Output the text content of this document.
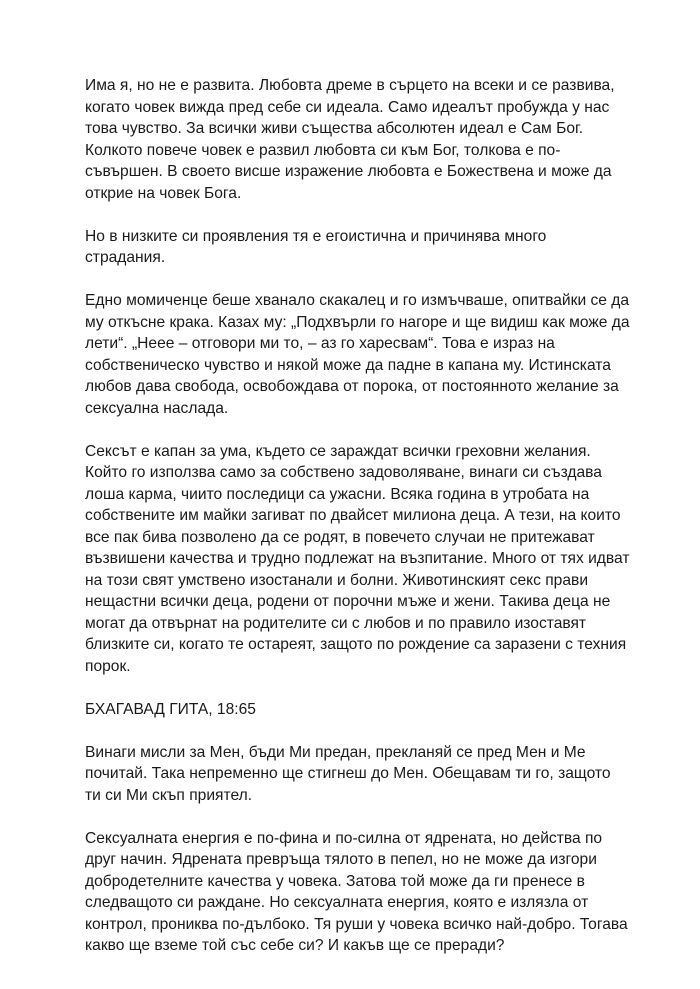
Има я, но не е развита. Любовта дреме в сърцето на всеки и се развива, когато човек вижда пред себе си идеала. Само идеалът пробужда у нас това чувство. За всички живи същества абсолютен идеал е Сам Бог. Колкото повече човек е развил любовта си към Бог, толкова е по-съвършен. В своето висше изражение любовта е Божествена и може да открие на човек Бога.

Но в низките си проявления тя е егоистична и причинява много страдания.

Едно момиченце беше хванало скакалец и го измъчваше, опитвайки се да му откъсне крака. Казах му: „Подхвърли го нагоре и ще видиш как може да лети“. „Неее – отговори ми то, – аз го харесвам“. Това е израз на собственическо чувство и някой може да падне в капана му. Истинската любов дава свобода, освобождава от порока, от постоянното желание за сексуална наслада.

Сексът е капан за ума, където се зараждат всички греховни желания. Който го използва само за собствено задоволяване, винаги си създава лоша карма, чиито последици са ужасни. Всяка година в утробата на собствените им майки загиват по двайсет милиона деца. А тези, на които все пак бива позволено да се родят, в повечето случаи не притежават възвишени качества и трудно подлежат на възпитание. Много от тях идват на този свят умствено изостанали и болни. Животинският секс прави нещастни всички деца, родени от порочни мъже и жени. Такива деца не могат да отвърнат на родителите си с любов и по правило изоставят близките си, когато те остареят, защото по рождение са заразени с техния порок.

БХАГАВАД ГИТА, 18:65

Винаги мисли за Мен, бъди Ми предан, прекланяй се пред Мен и Ме почитай. Така непременно ще стигнеш до Мен. Обещавам ти го, защото ти си Ми скъп приятел.

Сексуалната енергия е по-фина и по-силна от ядрената, но действа по друг начин. Ядрената превръща тялото в пепел, но не може да изгори добродетелните качества у човека. Затова той може да ги пренесе в следващото си раждане. Но сексуалната енергия, която е излязла от контрол, прониква по-дълбоко. Тя руши у човека всичко най-добро. Тогава какво ще вземе той със себе си? И какъв ще се преради?
